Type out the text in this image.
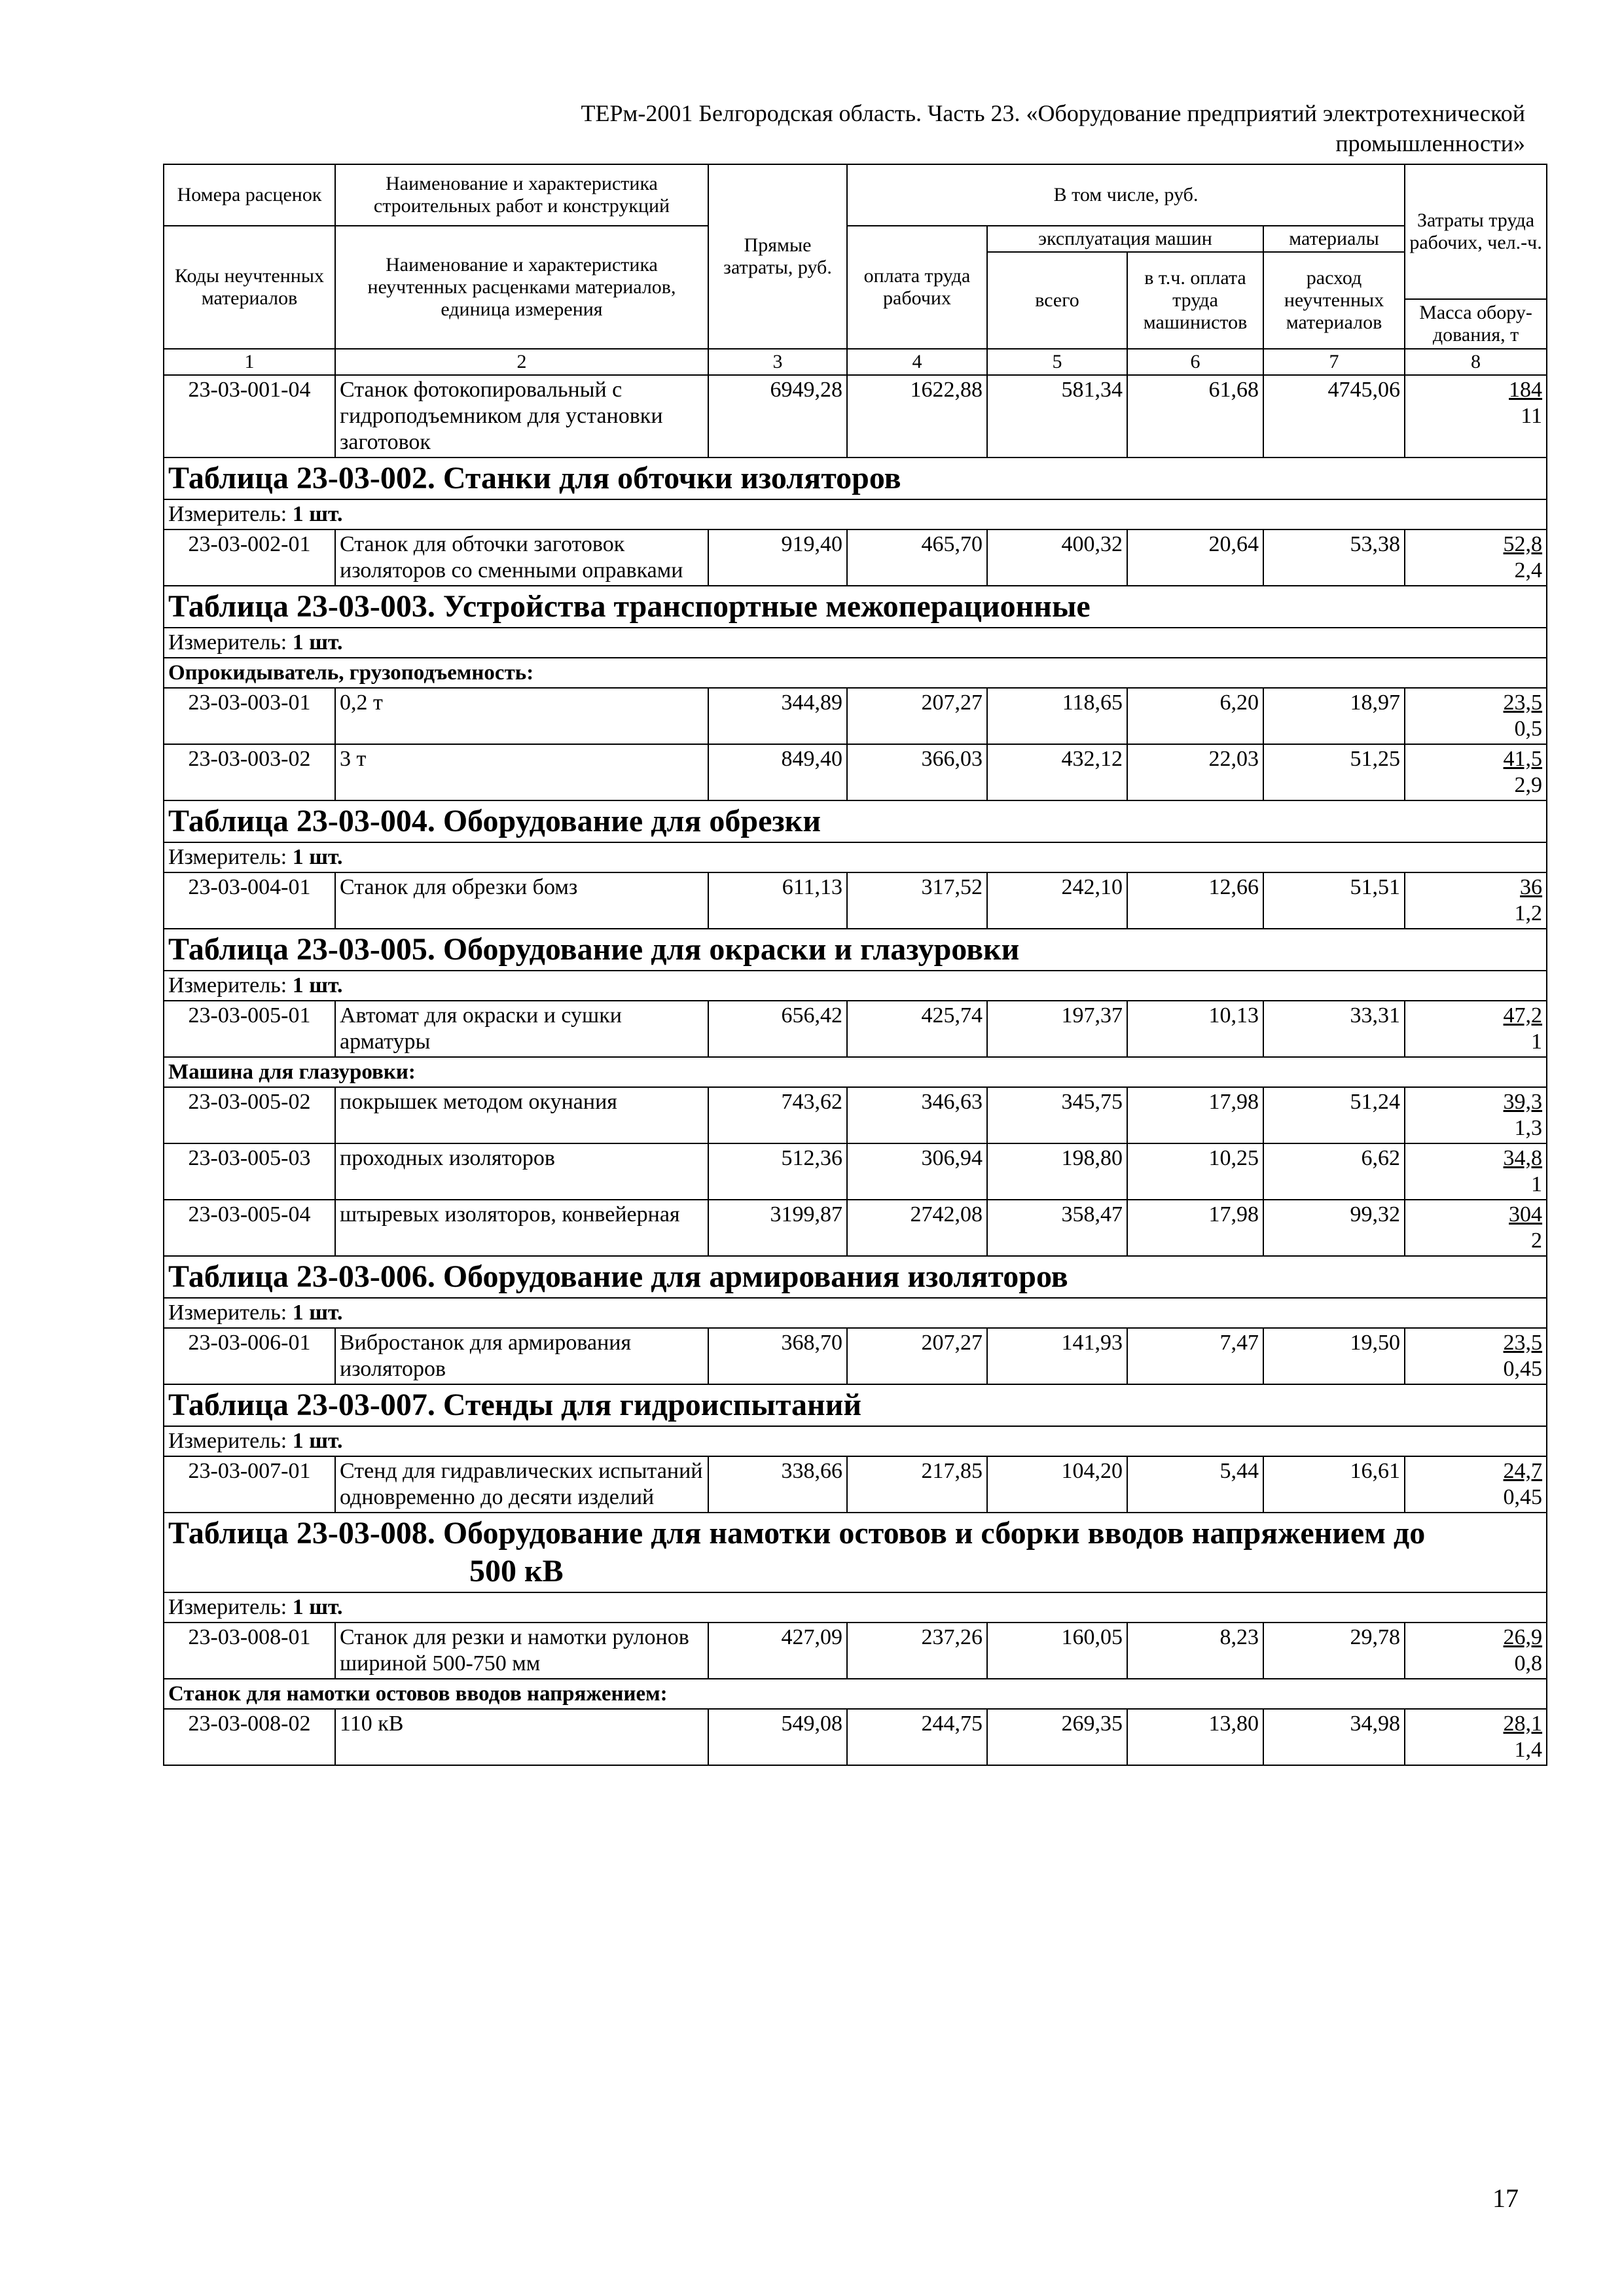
ТЕРм-2001 Белгородская область. Часть 23. «Оборудование предприятий электротехнической
промышленности»
Номера расценок	Наименование и характеристика строительных работ и конструкций	Прямые затраты, руб.	В том числе, руб.				Затраты труда рабочих, чел.-ч.
Коды неучтенных материалов	Наименование и характеристика неучтенных расценками материалов, единица измерения		оплата труда рабочих	эксплуатация машин		материалы	
				всего	в т.ч. оплата труда машинистов	расход неучтенных материалов	
							Масса обору-дования, т
1	2	3	4	5	6	7	8
23-03-001-04	Станок фотокопировальный с гидроподъемником для установки заготовок	6949,28	1622,88	581,34	61,68	4745,06	184
11
Таблица 23-03-002. Станки для обточки изоляторов							
Измеритель: 1 шт.							
23-03-002-01	Станок для обточки заготовок изоляторов со сменными оправками	919,40	465,70	400,32	20,64	53,38	52,8
2,4
Таблица 23-03-003. Устройства транспортные межоперационные							
Измеритель: 1 шт.							
Опрокидыватель, грузоподъемность:							
23-03-003-01	0,2 т	344,89	207,27	118,65	6,20	18,97	23,5
0,5
23-03-003-02	3 т	849,40	366,03	432,12	22,03	51,25	41,5
2,9
Таблица 23-03-004. Оборудование для обрезки							
Измеритель: 1 шт.							
23-03-004-01	Станок для обрезки бомз	611,13	317,52	242,10	12,66	51,51	36
1,2
Таблица 23-03-005. Оборудование для окраски и глазуровки							
Измеритель: 1 шт.							
23-03-005-01	Автомат для окраски и сушки арматуры	656,42	425,74	197,37	10,13	33,31	47,2
1
Машина для глазуровки:							
23-03-005-02	покрышек методом окунания	743,62	346,63	345,75	17,98	51,24	39,3
1,3
23-03-005-03	проходных изоляторов	512,36	306,94	198,80	10,25	6,62	34,8
1
23-03-005-04	штыревых изоляторов, конвейерная	3199,87	2742,08	358,47	17,98	99,32	304
2
Таблица 23-03-006. Оборудование для армирования изоляторов							
Измеритель: 1 шт.							
23-03-006-01	Вибростанок для армирования изоляторов	368,70	207,27	141,93	7,47	19,50	23,5
0,45
Таблица 23-03-007. Стенды для гидроиспытаний							
Измеритель: 1 шт.							
23-03-007-01	Стенд для гидравлических испытаний одновременно до десяти изделий	338,66	217,85	104,20	5,44	16,61	24,7
0,45
Таблица 23-03-008. Оборудование для намотки остовов и сборки вводов напряжением до
500 кВ							
Измеритель: 1 шт.							
23-03-008-01	Станок для резки и намотки рулонов шириной 500-750 мм	427,09	237,26	160,05	8,23	29,78	26,9
0,8
Станок для намотки остовов вводов напряжением:							
23-03-008-02	110 кВ	549,08	244,75	269,35	13,80	34,98	28,1
1,4
17
